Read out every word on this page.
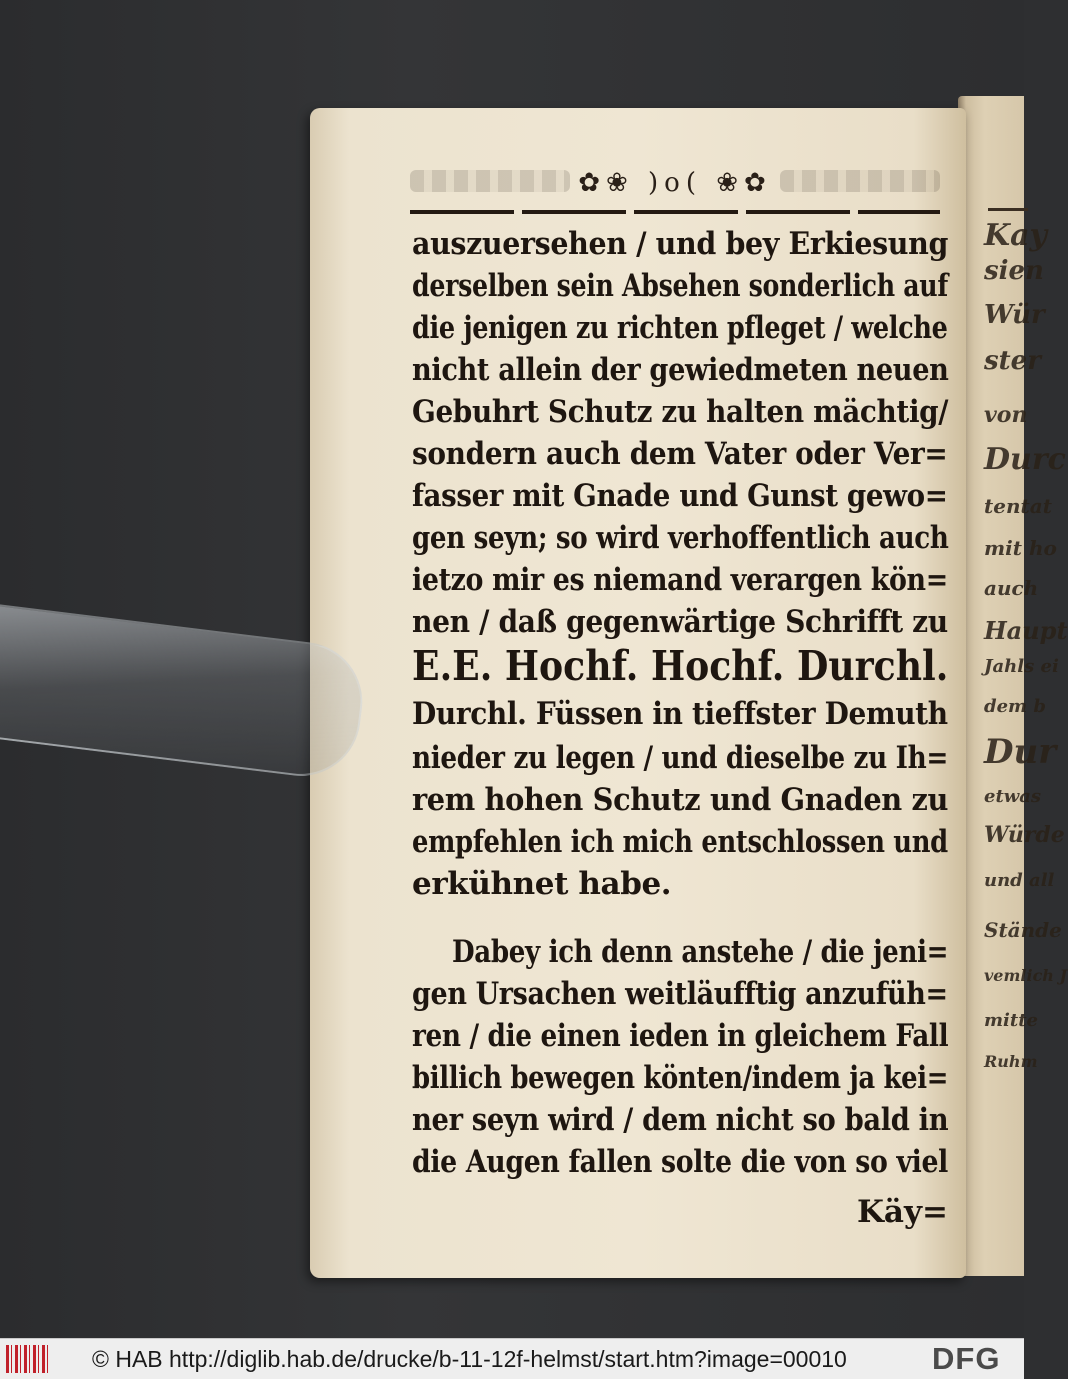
Kay
sien
Wür
ster
von
Durc
tentat
mit ho
auch
Haupt
Jahls ei
dem b
Dur
etwas
Würde
und all
Stände
vemlich J
mitte
Ruhm
✿❀ )o( ❀✿
auszuersehen / und bey Erkiesung
derselben sein Absehen sonderlich auf
die jenigen zu richten pfleget / welche
nicht allein der gewiedmeten neuen
Gebuhrt Schutz zu halten mächtig/
sondern auch dem Vater oder Ver=
fasser mit Gnade und Gunst gewo=
gen seyn; so wird verhoffentlich auch
ietzo mir es niemand verargen kön=
nen / daß gegenwärtige Schrifft zu
E.E. Hochf. Hochf. Durchl.
Durchl. Füssen in tieffster Demuth
nieder zu legen / und dieselbe zu Ih=
rem hohen Schutz und Gnaden zu
empfehlen ich mich entschlossen und
erkühnet habe.
Dabey ich denn anstehe / die jeni=
gen Ursachen weitläufftig anzufüh=
ren / die einen ieden in gleichem Fall
billich bewegen könten/indem ja kei=
ner seyn wird / dem nicht so bald in
die Augen fallen solte die von so viel
Käy=
© HAB http://diglib.hab.de/drucke/b-11-12f-helmst/start.htm?image=00010	DFG
